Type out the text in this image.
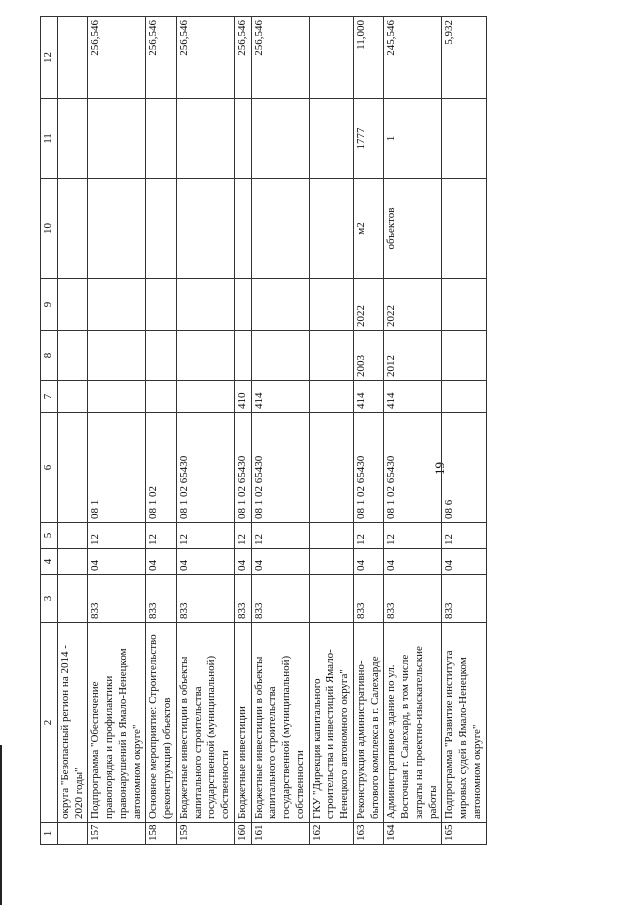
19
1	2	3	4	5	6	7	8	9	10	11	12
	округа "Безопасный регион на 2014 - 2020 годы"										
157	Подпрограмма "Обеспечение правопорядка и профилактики правонарушений в Ямало-Ненецком автономном округе"	833	04	12	08 1						256,546
158	Основное мероприятие: Строительство (реконструкция) объектов	833	04	12	08 1 02						256,546
159	Бюджетные инвестиции в объекты капитального строительства государственной (муниципальной) собственности	833	04	12	08 1 02 65430						256,546
160	Бюджетные инвестиции	833	04	12	08 1 02 65430	410					256,546
161	Бюджетные инвестиции в объекты капитального строительства государственной (муниципальной) собственности	833	04	12	08 1 02 65430	414					256,546
162	ГКУ "Дирекция капитального строительства и инвестиций Ямало-Ненецкого автономного округа"										
163	Реконструкция административно-бытового комплекса в г. Салехарде	833	04	12	08 1 02 65430	414	2003	2022	м2	1777	11,000
164	Административное здание по ул. Восточная г. Салехард, в том числе затраты на проектно-изыскательские работы	833	04	12	08 1 02 65430	414	2012	2022	объектов	1	245,546
165	Подпрограмма "Развитие института мировых судей в Ямало-Ненецком автономном округе"	833	04	12	08 6						5,932
